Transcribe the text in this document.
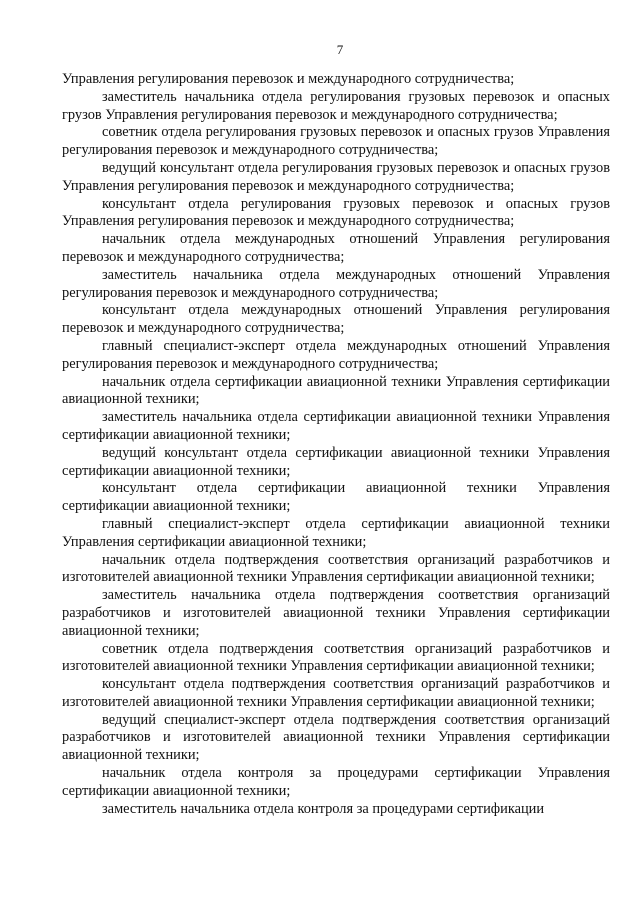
7

Управления регулирования перевозок и международного сотрудничества;

заместитель начальника отдела регулирования грузовых перевозок и опасных грузов Управления регулирования перевозок и международного сотрудничества;

советник отдела регулирования грузовых перевозок и опасных грузов Управления регулирования перевозок и международного сотрудничества;

ведущий консультант отдела регулирования грузовых перевозок и опасных грузов Управления регулирования перевозок и международного сотрудничества;

консультант отдела регулирования грузовых перевозок и опасных грузов Управления регулирования перевозок и международного сотрудничества;

начальник отдела международных отношений Управления регулирования перевозок и международного сотрудничества;

заместитель начальника отдела международных отношений Управления регулирования перевозок и международного сотрудничества;

консультант отдела международных отношений Управления регулирования перевозок и международного сотрудничества;

главный специалист-эксперт отдела международных отношений Управления регулирования перевозок и международного сотрудничества;

начальник отдела сертификации авиационной техники Управления сертификации авиационной техники;

заместитель начальника отдела сертификации авиационной техники Управления сертификации авиационной техники;

ведущий консультант отдела сертификации авиационной техники Управления сертификации авиационной техники;

консультант отдела сертификации авиационной техники Управления сертификации авиационной техники;

главный специалист-эксперт отдела сертификации авиационной техники Управления сертификации авиационной техники;

начальник отдела подтверждения соответствия организаций разработчиков и изготовителей авиационной техники Управления сертификации авиационной техники;

заместитель начальника отдела подтверждения соответствия организаций разработчиков и изготовителей авиационной техники Управления сертификации авиационной техники;

советник отдела подтверждения соответствия организаций разработчиков и изготовителей авиационной техники Управления сертификации авиационной техники;

консультант отдела подтверждения соответствия организаций разработчиков и изготовителей авиационной техники Управления сертификации авиационной техники;

ведущий специалист-эксперт отдела подтверждения соответствия организаций разработчиков и изготовителей авиационной техники Управления сертификации авиационной техники;

начальник отдела контроля за процедурами сертификации Управления сертификации авиационной техники;

заместитель начальника отдела контроля за процедурами сертификации
